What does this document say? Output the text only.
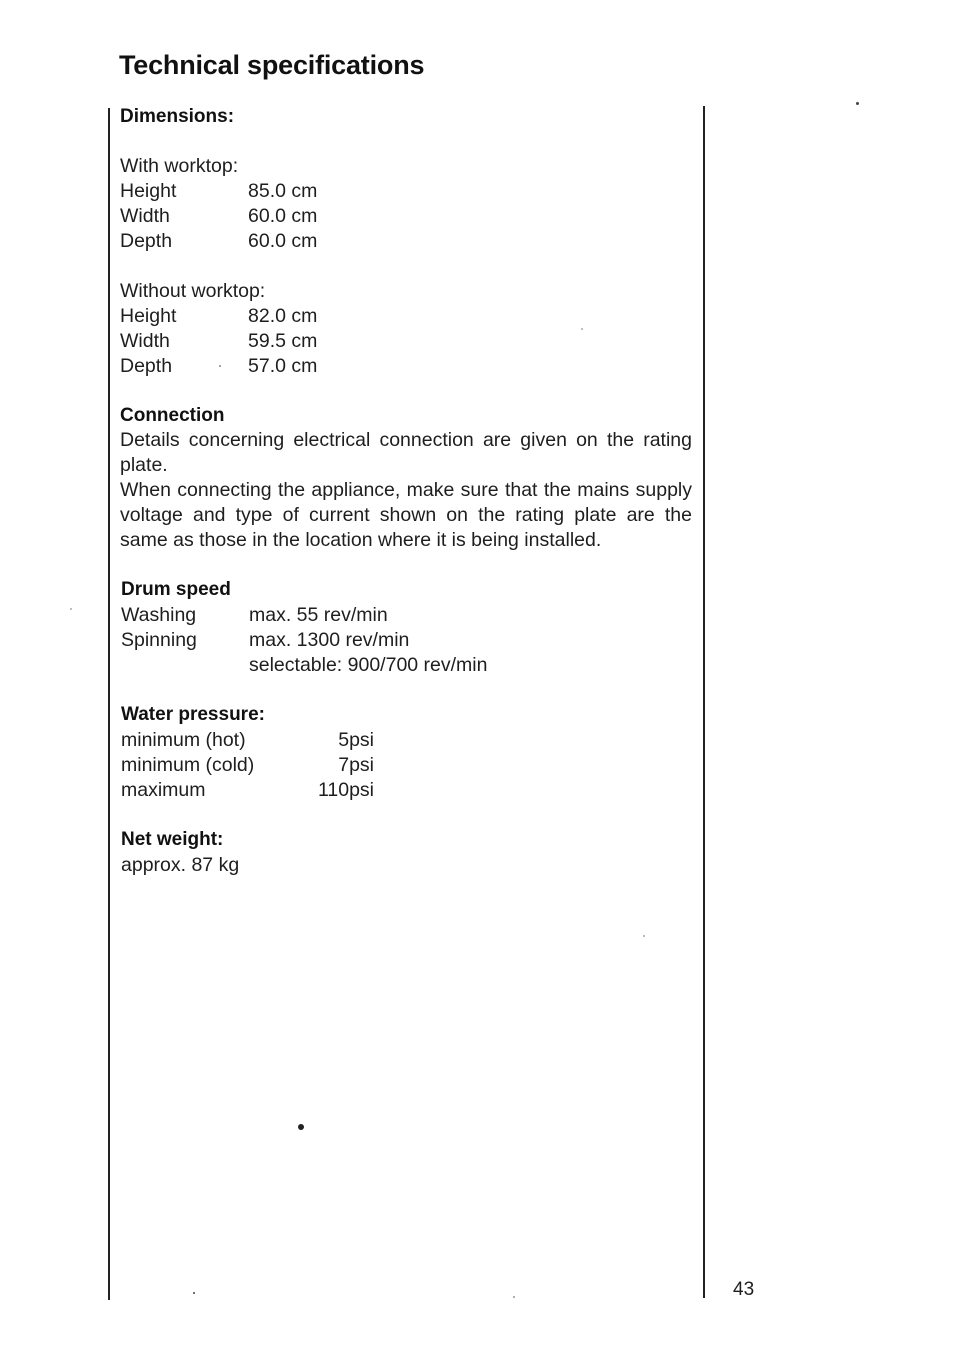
Technical specifications
Dimensions:
With worktop:
Height	85.0 cm
Width	60.0 cm
Depth	60.0 cm
Without worktop:
Height	82.0 cm
Width	59.5 cm
Depth	57.0 cm
Connection

Details concerning electrical connection are given on the rating plate.

When connecting the appliance, make sure that the mains supply voltage and type of current shown on the rating plate are the same as those in the location where it is being installed.

Drum speed
Washing	max. 55 rev/min
Spinning	max. 1300 rev/min
selectable: 900/700 rev/min
Water pressure:
minimum (hot)	5psi
minimum (cold)	7psi
maximum	110psi
Net weight:
approx. 87 kg
43
